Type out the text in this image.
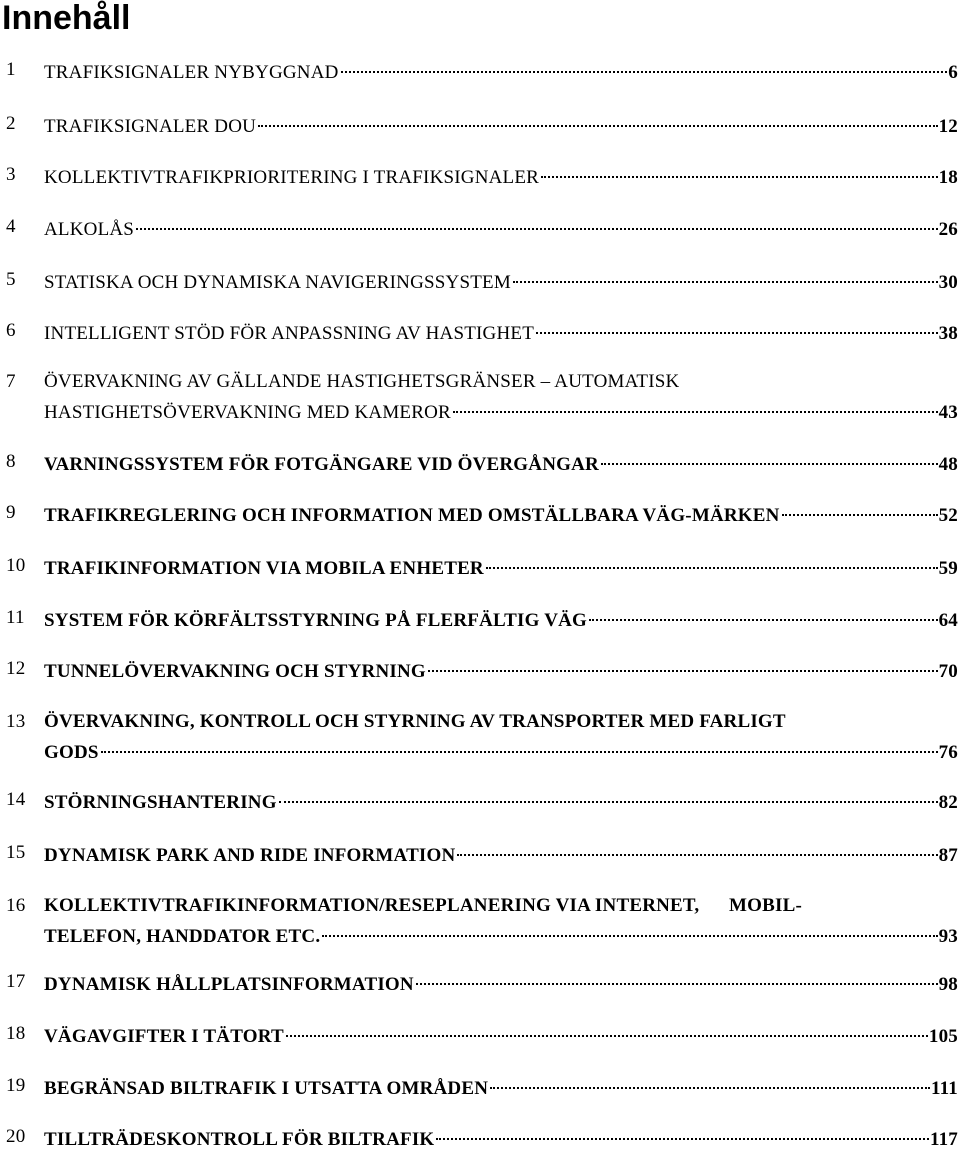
Innehåll
1 TRAFIKSIGNALER NYBYGGNAD	6
2 TRAFIKSIGNALER DOU	12
3 KOLLEKTIVTRAFIKPRIORITERING I TRAFIKSIGNALER	18
4 ALKOLÅS	26
5 STATISKA OCH DYNAMISKA NAVIGERINGSSYSTEM	30
6 INTELLIGENT STÖD FÖR ANPASSNING AV HASTIGHET	38
7 ÖVERVAKNING AV GÄLLANDE HASTIGHETSGRÄNSER – AUTOMATISK
HASTIGHETSÖVERVAKNING MED KAMEROR	43
8 VARNINGSSYSTEM FÖR FOTGÄNGARE VID ÖVERGÅNGAR	48
9 TRAFIKREGLERING OCH INFORMATION MED OMSTÄLLBARA VÄG-MÄRKEN	52
10 TRAFIKINFORMATION VIA MOBILA ENHETER	59
11 SYSTEM FÖR KÖRFÄLTSSTYRNING PÅ FLERFÄLTIG VÄG	64
12 TUNNELÖVERVAKNING OCH STYRNING	70
13 ÖVERVAKNING, KONTROLL OCH STYRNING AV TRANSPORTER MED FARLIGT
GODS	76
14 STÖRNINGSHANTERING	82
15 DYNAMISK PARK AND RIDE INFORMATION	87
16 KOLLEKTIVTRAFIKINFORMATION/RESEPLANERING VIA INTERNET,      MOBIL-
TELEFON, HANDDATOR ETC.	93
17 DYNAMISK HÅLLPLATSINFORMATION	98
18 VÄGAVGIFTER I TÄTORT	105
19 BEGRÄNSAD BILTRAFIK I UTSATTA OMRÅDEN	111
20 TILLTRÄDESKONTROLL FÖR BILTRAFIK	117
